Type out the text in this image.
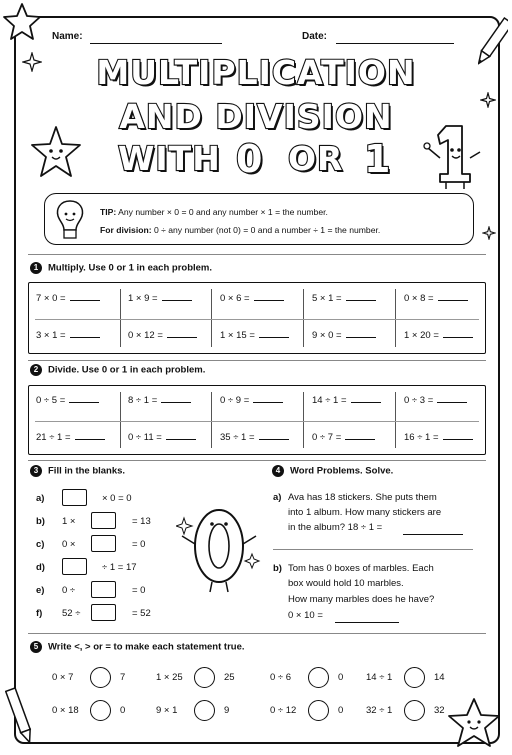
Name:	Date:
MULTIPLICATION
AND DIVISION
WITH 0 OR 1
TIP: Any number × 0 = 0 and any number × 1 = the number.
For division: 0 ÷ any number (not 0) = 0 and a number ÷ 1 = the number.
1 Multiply. Use 0 or 1 in each problem.
7 × 0 =	1 × 9 =	0 × 6 =	5 × 1 =	0 × 8 =
3 × 1 =	0 × 12 =	1 × 15 =	9 × 0 =	1 × 20 =
2 Divide. Use 0 or 1 in each problem.
0 ÷ 5 =	8 ÷ 1 =	0 ÷ 9 =	14 ÷ 1 =	0 ÷ 3 =
21 ÷ 1 =	0 ÷ 11 =	35 ÷ 1 =	0 ÷ 7 =	16 ÷ 1 =
3 Fill in the blanks.
a)	× 0 = 0
b) 1 ×	= 13
c) 0 ×	= 0
d)	÷ 1 = 17
e) 0 ÷	= 0
f) 52 ÷	= 52
4 Word Problems. Solve.
a) Ava has 18 stickers. She puts them
into 1 album. How many stickers are
in the album? 18 ÷ 1 =
b) Tom has 0 boxes of marbles. Each
box would hold 10 marbles.
How many marbles does he have?
0 × 10 =
5 Write <, > or = to make each statement true.
0 × 7	7	1 × 25	25	0 ÷ 6	0 14 ÷ 1	14
0 × 18	0	9 × 1	9	0 ÷ 12	0 32 ÷ 1	32
